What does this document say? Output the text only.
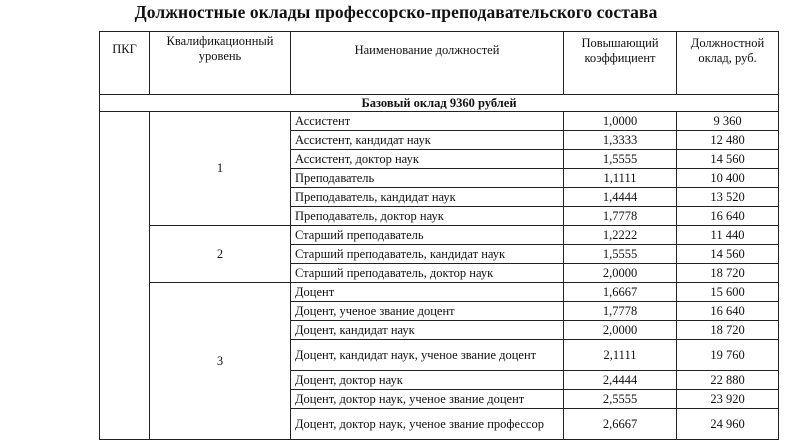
Должностные оклады профессорско-преподавательского состава
ПКГ	Квалификационный уровень	Наименование должностей	Повышающий коэффициент	Должностной оклад, руб.
Базовый оклад 9360 рублей				
	1	Ассистент	1,0000	9 360
		Ассистент, кандидат наук	1,3333	12 480
		Ассистент, доктор наук	1,5555	14 560
		Преподаватель	1,1111	10 400
		Преподаватель, кандидат наук	1,4444	13 520
		Преподаватель, доктор наук	1,7778	16 640
	2	Старший преподаватель	1,2222	11 440
		Старший преподаватель, кандидат наук	1,5555	14 560
		Старший преподаватель, доктор наук	2,0000	18 720
	3	Доцент	1,6667	15 600
		Доцент, ученое звание доцент	1,7778	16 640
		Доцент, кандидат наук	2,0000	18 720
		Доцент, кандидат наук, ученое звание доцент	2,1111	19 760
		Доцент, доктор наук	2,4444	22 880
		Доцент, доктор наук, ученое звание доцент	2,5555	23 920
		Доцент, доктор наук, ученое звание профессор	2,6667	24 960
